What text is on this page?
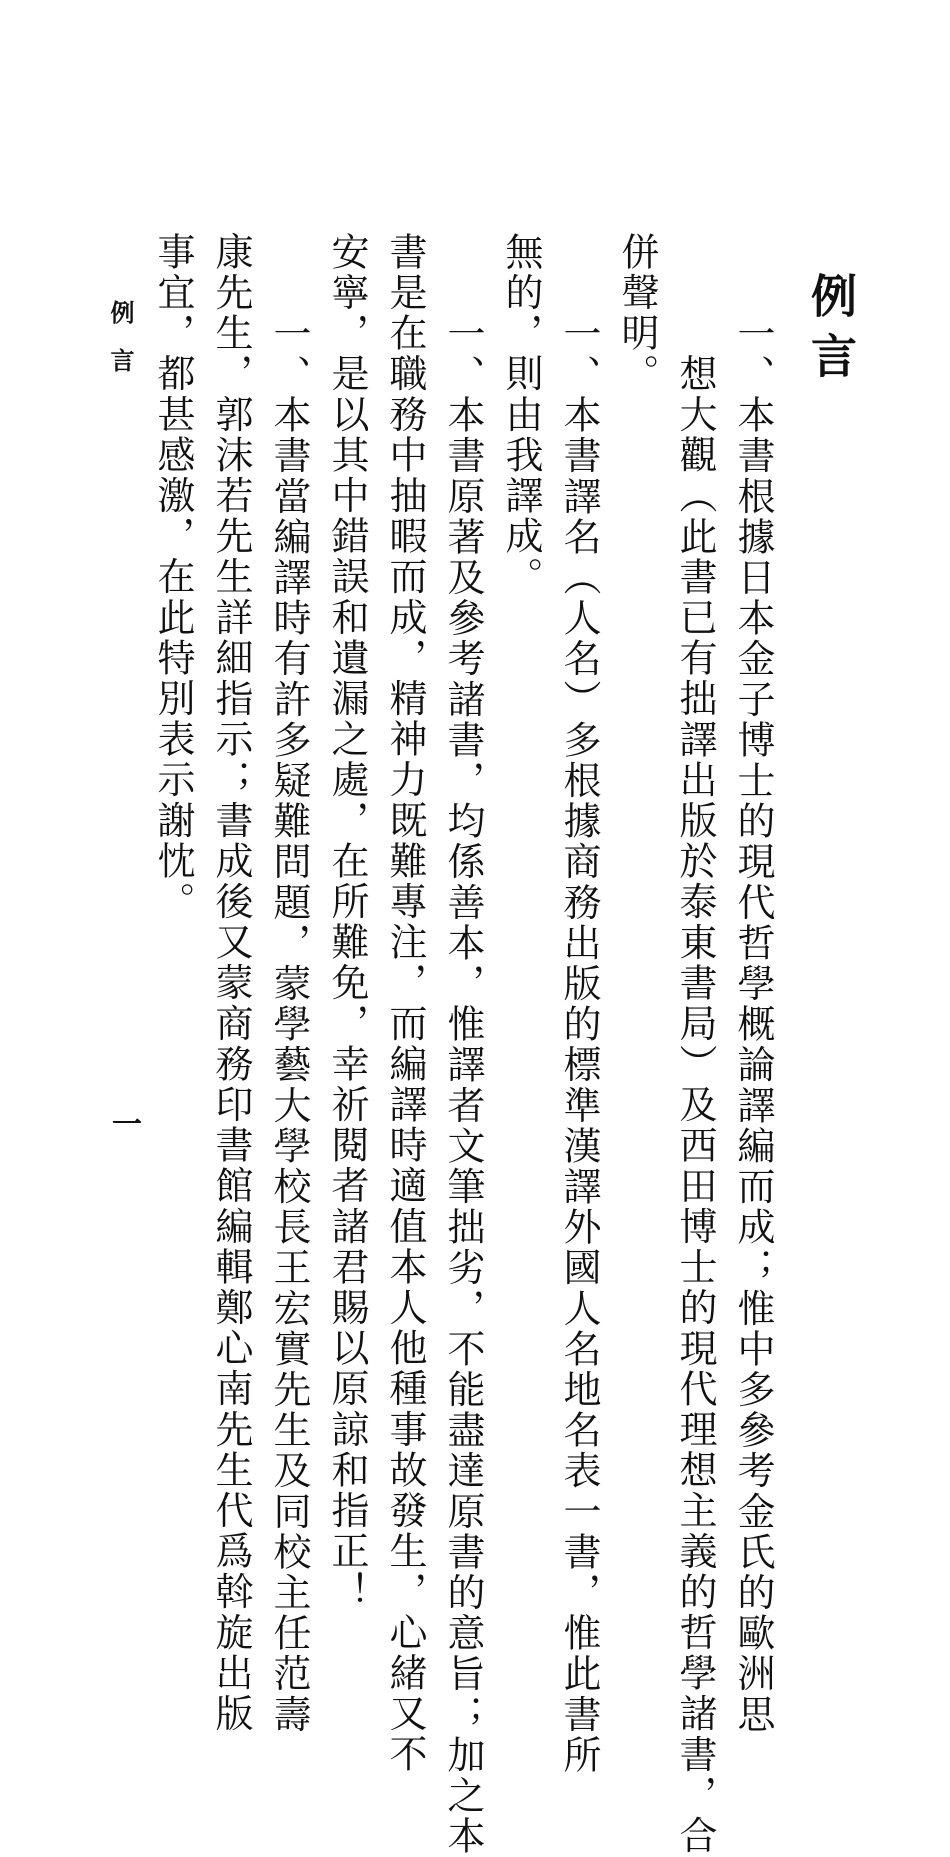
例言
一、本書根據日本金子博士的現代哲學概論譯編而成；惟中多參考金氏的歐洲思
想大觀（此書已有拙譯出版於泰東書局）及西田博士的現代理想主義的哲學諸書，合
併聲明。
一、本書譯名（人名）多根據商務出版的標準漢譯外國人名地名表一書，惟此書所
無的，則由我譯成。
一、本書原著及參考諸書，均係善本，惟譯者文筆拙劣，不能盡達原書的意旨；加之本
書是在職務中抽暇而成，精神力既難專注，而編譯時適值本人他種事故發生，心緒又不
安寧，是以其中錯誤和遺漏之處，在所難免，幸祈閱者諸君賜以原諒和指正！
一、本書當編譯時有許多疑難問題，蒙學藝大學校長王宏實先生及同校主任范壽
康先生，郭沫若先生詳細指示；書成後又蒙商務印書館編輯鄭心南先生代爲斡旋出版
事宜，都甚感激，在此特別表示謝忱。
例言
一
